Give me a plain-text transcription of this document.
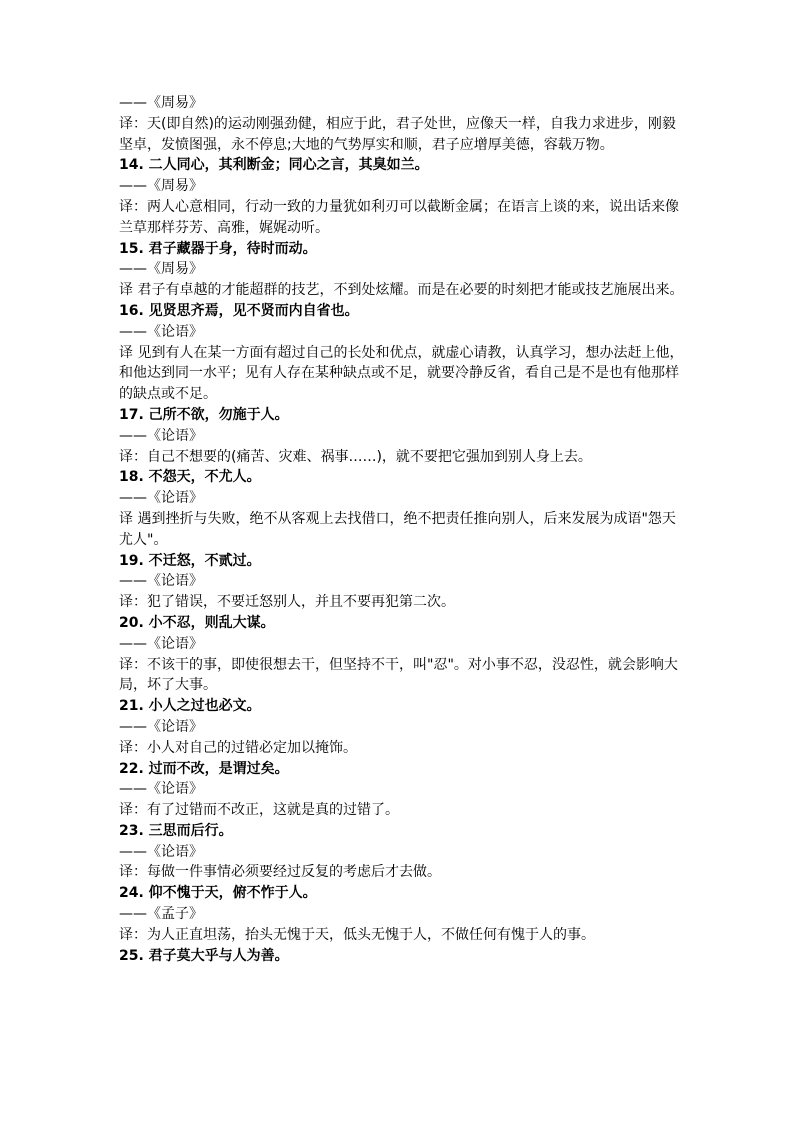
——《周易》

译：天(即自然)的运动刚强劲健，相应于此，君子处世，应像天一样，自我力求进步，刚毅坚卓，发愤图强，永不停息;大地的气势厚实和顺，君子应增厚美德，容载万物。

14. 二人同心，其利断金；同心之言，其臭如兰。

——《周易》

译：两人心意相同，行动一致的力量犹如利刃可以截断金属；在语言上谈的来，说出话来像兰草那样芬芳、高雅，娓娓动听。

15. 君子藏器于身，待时而动。

——《周易》

译 君子有卓越的才能超群的技艺，不到处炫耀。而是在必要的时刻把才能或技艺施展出来。

16. 见贤思齐焉，见不贤而内自省也。

——《论语》

译 见到有人在某一方面有超过自己的长处和优点，就虚心请教，认真学习，想办法赶上他，和他达到同一水平；见有人存在某种缺点或不足，就要冷静反省，看自己是不是也有他那样的缺点或不足。

17. 己所不欲，勿施于人。

——《论语》

译：自己不想要的(痛苦、灾难、祸事……)，就不要把它强加到别人身上去。

18. 不怨天，不尤人。

——《论语》

译 遇到挫折与失败，绝不从客观上去找借口，绝不把责任推向别人，后来发展为成语"怨天尤人"。

19. 不迁怒，不贰过。

——《论语》

译：犯了错误，不要迁怒别人，并且不要再犯第二次。

20. 小不忍，则乱大谋。

——《论语》

译：不该干的事，即使很想去干，但坚持不干，叫"忍"。对小事不忍，没忍性，就会影响大局，坏了大事。

21. 小人之过也必文。

——《论语》

译：小人对自己的过错必定加以掩饰。

22. 过而不改，是谓过矣。

——《论语》

译：有了过错而不改正，这就是真的过错了。

23. 三思而后行。

——《论语》

译：每做一件事情必须要经过反复的考虑后才去做。

24. 仰不愧于天，俯不怍于人。

——《孟子》

译：为人正直坦荡，抬头无愧于天，低头无愧于人，不做任何有愧于人的事。

25. 君子莫大乎与人为善。
